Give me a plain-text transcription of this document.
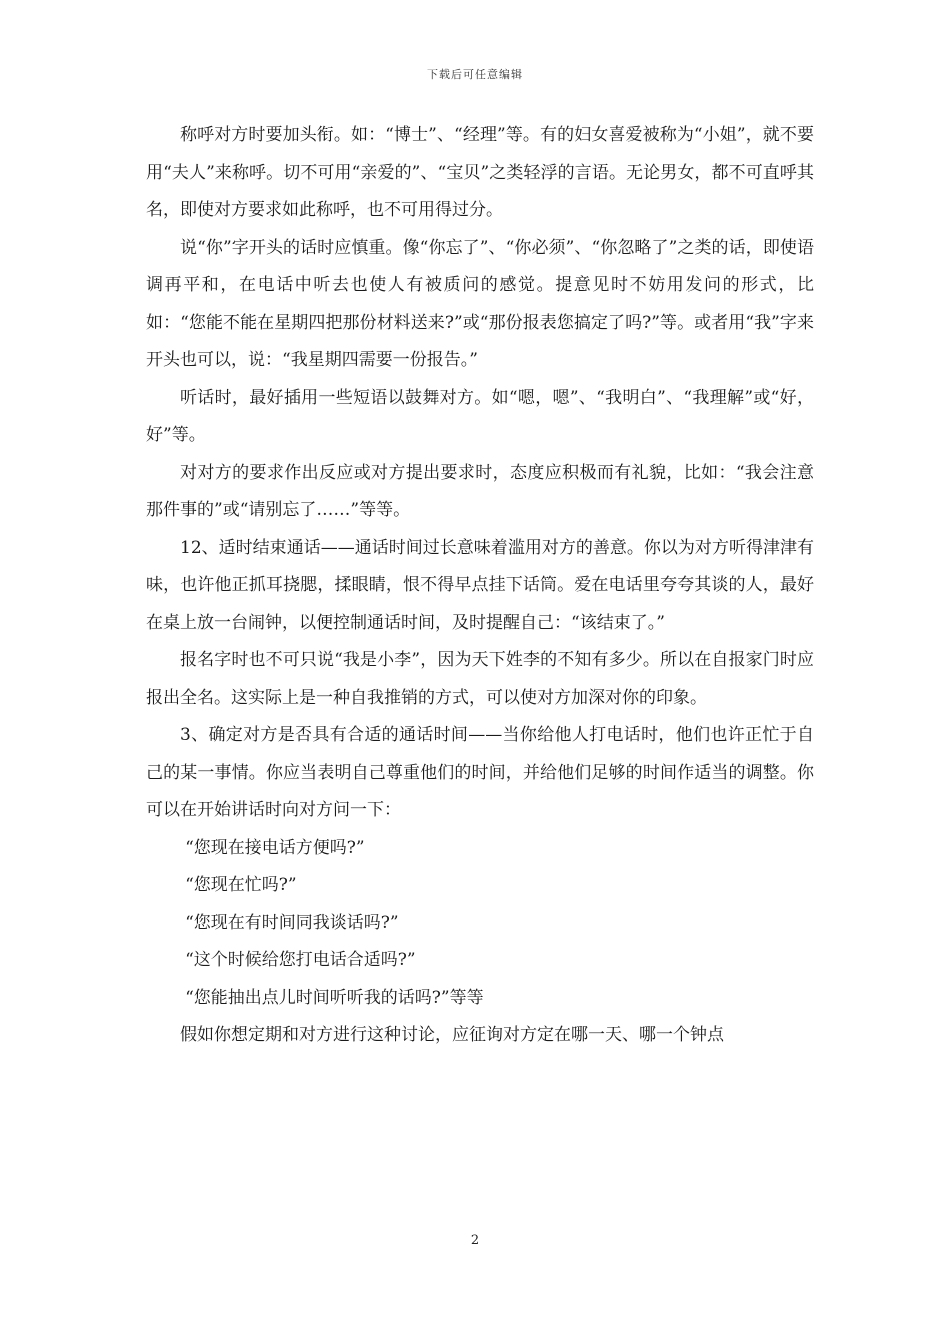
下载后可任意编辑

称呼对方时要加头衔。如：“博士”、“经理”等。有的妇女喜爱被称为“小姐”，就不要用“夫人”来称呼。切不可用“亲爱的”、“宝贝”之类轻浮的言语。无论男女，都不可直呼其名，即使对方要求如此称呼，也不可用得过分。

说“你”字开头的话时应慎重。像“你忘了”、“你必须”、“你忽略了”之类的话，即使语调再平和，在电话中听去也使人有被质问的感觉。提意见时不妨用发问的形式，比如：“您能不能在星期四把那份材料送来?”或“那份报表您搞定了吗?”等。或者用“我”字来开头也可以，说：“我星期四需要一份报告。”

听话时，最好插用一些短语以鼓舞对方。如“嗯，嗯”、“我明白”、“我理解”或“好，好”等。

对对方的要求作出反应或对方提出要求时，态度应积极而有礼貌，比如：“我会注意那件事的”或“请别忘了……”等等。

12、适时结束通话——通话时间过长意味着滥用对方的善意。你以为对方听得津津有味，也许他正抓耳挠腮，揉眼睛，恨不得早点挂下话筒。爱在电话里夸夸其谈的人，最好在桌上放一台闹钟，以便控制通话时间，及时提醒自己：“该结束了。”

报名字时也不可只说“我是小李”，因为天下姓李的不知有多少。所以在自报家门时应报出全名。这实际上是一种自我推销的方式，可以使对方加深对你的印象。

3、确定对方是否具有合适的通话时间——当你给他人打电话时，他们也许正忙于自己的某一事情。你应当表明自己尊重他们的时间，并给他们足够的时间作适当的调整。你可以在开始讲话时向对方问一下：

“您现在接电话方便吗?”

“您现在忙吗?”

“您现在有时间同我谈话吗?”

“这个时候给您打电话合适吗?”

“您能抽出点儿时间听听我的话吗?”等等

假如你想定期和对方进行这种讨论，应征询对方定在哪一天、哪一个钟点

2
